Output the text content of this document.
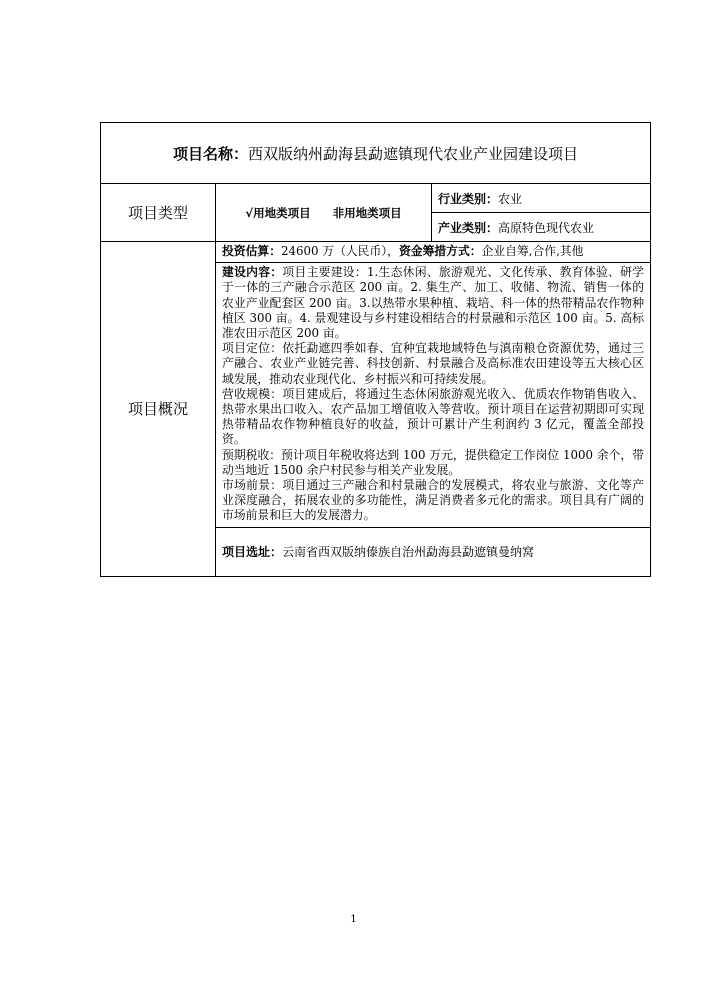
项目名称：西双版纳州勐海县勐遮镇现代农业产业园建设项目		
项目类型	√用地类项目 非用地类项目	行业类别：农业
		产业类别：高原特色现代农业
项目概况	投资估算：24600 万（人民币），资金筹措方式：企业自筹,合作,其他	

	建设内容：项目主要建设：1.生态休闲、旅游观光、文化传承、教育体验、研学于一体的三产融合示范区 200 亩。2. 集生产、加工、收储、物流、销售一体的农业产业配套区 200 亩。3.以热带水果种植、栽培、科一体的热带精品农作物种植区 300 亩。4. 景观建设与乡村建设相结合的村景融和示范区 100 亩。5. 高标准农田示范区 200 亩。

项目定位：依托勐遮四季如春、宜种宜栽地域特色与滇南粮仓资源优势，通过三产融合、农业产业链完善、科技创新、村景融合及高标准农田建设等五大核心区域发展，推动农业现代化、乡村振兴和可持续发展。

营收规模：项目建成后，将通过生态休闲旅游观光收入、优质农作物销售收入、热带水果出口收入、农产品加工增值收入等营收。预计项目在运营初期即可实现热带精品农作物种植良好的收益，预计可累计产生利润约 3 亿元，覆盖全部投资。

预期税收：预计项目年税收将达到 100 万元，提供稳定工作岗位 1000 余个，带动当地近 1500 余户村民参与相关产业发展。

市场前景：项目通过三产融合和村景融合的发展模式，将农业与旅游、文化等产业深度融合，拓展农业的多功能性，满足消费者多元化的需求。项目具有广阔的市场前景和巨大的发展潜力。	

	项目选址：云南省西双版纳傣族自治州勐海县勐遮镇曼纳窝	
1
